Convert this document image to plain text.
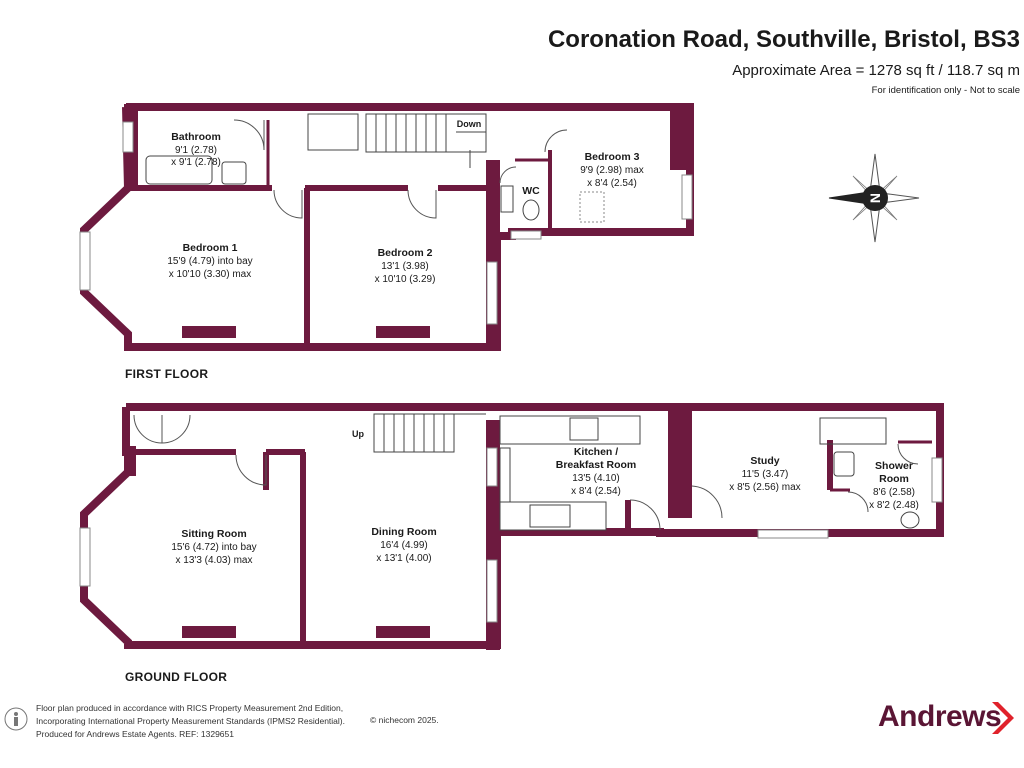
Coronation Road, Southville, Bristol, BS3
Approximate Area = 1278 sq ft / 118.7 sq m
For identification only - Not to scale
Bathroom
9'1 (2.78)
x 9'1 (2.78)
Bedroom 1
15'9 (4.79) into bay
x 10'10 (3.30) max
Bedroom 2
13'1 (3.98)
x 10'10 (3.29)
Bedroom 3
9'9 (2.98) max
x 8'4 (2.54)
WC
Down
Sitting Room
15'6 (4.72) into bay
x 13'3 (4.03) max
Dining Room
16'4 (4.99)
x 13'1 (4.00)
Kitchen /
Breakfast Room
13'5 (4.10)
x 8'4 (2.54)
Study
11'5 (3.47)
x 8'5 (2.56) max
Shower
Room
8'6 (2.58)
x 8'2 (2.48)
Up
FIRST FLOOR
GROUND FLOOR
N
Floor plan produced in accordance with RICS Property Measurement 2nd Edition,
Incorporating International Property Measurement Standards (IPMS2 Residential).
Produced for Andrews Estate Agents. REF: 1329651
© nichecom 2025.	Andrews
